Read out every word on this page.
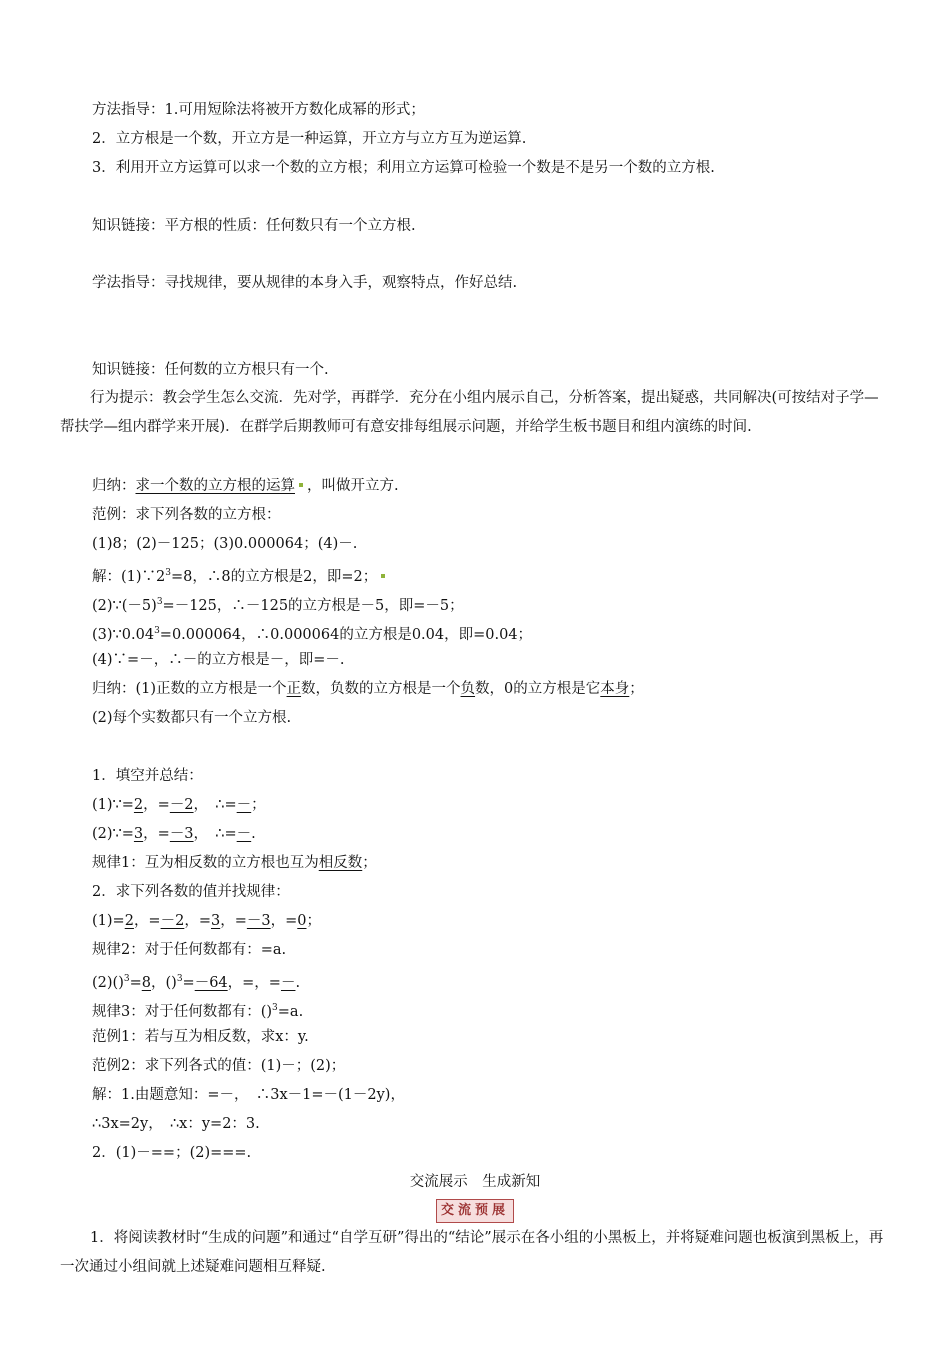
方法指导：1.可用短除法将被开方数化成幂的形式；
2．立方根是一个数，开立方是一种运算，开立方与立方互为逆运算.
3．利用开立方运算可以求一个数的立方根；利用立方运算可检验一个数是不是另一个数的立方根.
知识链接：平方根的性质：任何数只有一个立方根.
学法指导：寻找规律，要从规律的本身入手，观察特点，作好总结.
知识链接：任何数的立方根只有一个.
行为提示：教会学生怎么交流．先对学，再群学．充分在小组内展示自己，分析答案，提出疑惑，共同解决(可按结对子学—帮扶学—组内群学来开展)．在群学后期教师可有意安排每组展示问题，并给学生板书题目和组内演练的时间.
归纳：求一个数的立方根的运算 ，叫做开立方.
范例：求下列各数的立方根：
(1)8；(2)－125；(3)0.000064；(4)－.
解：$(1)\because 2^3=8$，∴8的立方根是2，即=2；
$(2)\because(-5)^3=-125$，∴－125的立方根是－5，即=－5；
$(3)\because 0.04^3=0.000064$，∴0.000064的立方根是0.04，即=0.04；
(4)∵=－，∴－的立方根是－，即=－.
归纳：(1)正数的立方根是一个正数，负数的立方根是一个负数，0的立方根是它本身；
(2)每个实数都只有一个立方根.
1．填空并总结：
(1)∵=2，=－2，　∴=－；
(2)∵=3，=－3，　∴=－.
规律1：互为相反数的立方根也互为相反数；
2．求下列各数的值并找规律：
(1)=2，=－2，=3，=－3，=0；
规律2：对于任何数都有：=a.
(2)()$^3$=8，()$^3$=－64，=，=－.
规律3：对于任何数都有：()$^3$=a.
范例1：若与互为相反数，求x：y.
范例2：求下列各式的值：(1)－；(2)；
解：1.由题意知：=－，　∴3x－1=－(1－2y)，
∴3x=2y，　∴x：y=2：3.
2．(1)－==；(2)===.
交流展示　生成新知
交流预展
1．将阅读教材时“生成的问题”和通过“自学互研”得出的“结论”展示在各小组的小黑板上，并将疑难问题也板演到黑板上，再一次通过小组间就上述疑难问题相互释疑.
